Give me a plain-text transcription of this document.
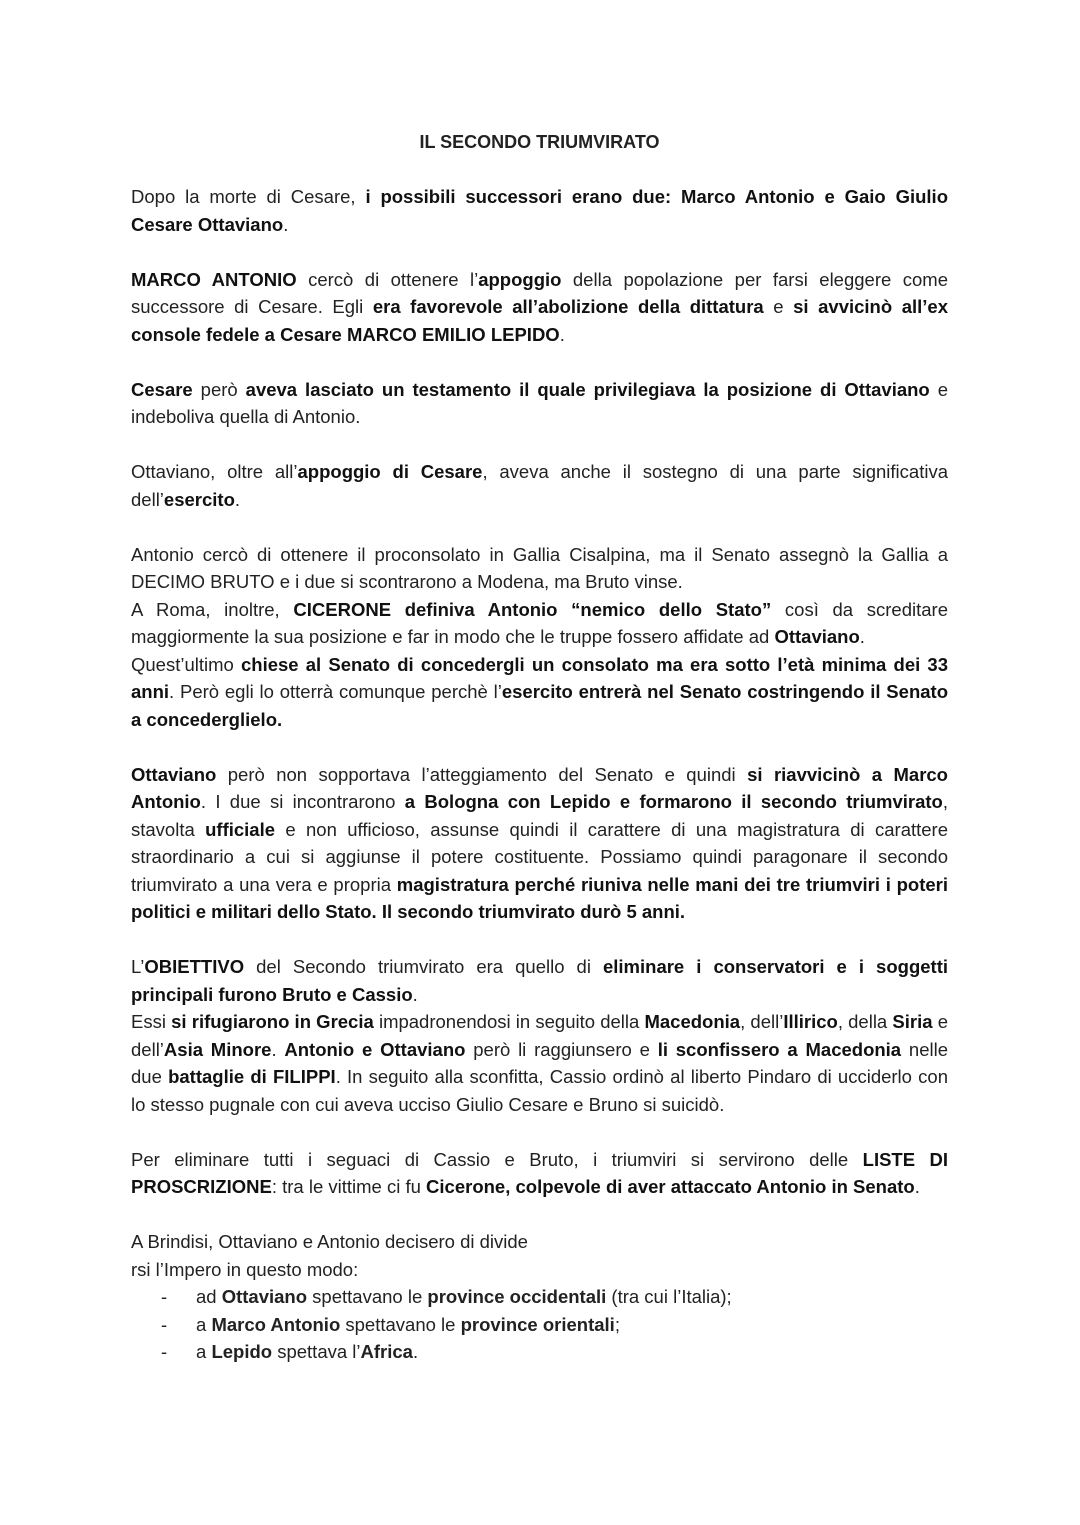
IL SECONDO TRIUMVIRATO

Dopo la morte di Cesare, i possibili successori erano due: Marco Antonio e Gaio Giulio Cesare Ottaviano.

MARCO ANTONIO cercò di ottenere l’appoggio della popolazione per farsi eleggere come successore di Cesare. Egli era favorevole all’abolizione della dittatura e si avvicinò all’ex console fedele a Cesare MARCO EMILIO LEPIDO.

Cesare però aveva lasciato un testamento il quale privilegiava la posizione di Ottaviano e indeboliva quella di Antonio.

Ottaviano, oltre all’appoggio di Cesare, aveva anche il sostegno di una parte significativa dell’esercito.

Antonio cercò di ottenere il proconsolato in Gallia Cisalpina, ma il Senato assegnò la Gallia a DECIMO BRUTO e i due si scontrarono a Modena, ma Bruto vinse.

A Roma, inoltre, CICERONE definiva Antonio “nemico dello Stato” così da screditare maggiormente la sua posizione e far in modo che le truppe fossero affidate ad Ottaviano.

Quest’ultimo chiese al Senato di concedergli un consolato ma era sotto l’età minima dei 33 anni. Però egli lo otterrà comunque perchè l’esercito entrerà nel Senato costringendo il Senato a concederglielo.

Ottaviano però non sopportava l’atteggiamento del Senato e quindi si riavvicinò a Marco Antonio. I due si incontrarono a Bologna con Lepido e formarono il secondo triumvirato, stavolta ufficiale e non ufficioso, assunse quindi il carattere di una magistratura di carattere straordinario a cui si aggiunse il potere costituente. Possiamo quindi paragonare il secondo triumvirato a una vera e propria magistratura perché riuniva nelle mani dei tre triumviri i poteri politici e militari dello Stato. Il secondo triumvirato durò 5 anni.

L’OBIETTIVO del Secondo triumvirato era quello di eliminare i conservatori e i soggetti principali furono Bruto e Cassio.

Essi si rifugiarono in Grecia impadronendosi in seguito della Macedonia, dell’Illirico, della Siria e dell’Asia Minore. Antonio e Ottaviano però li raggiunsero e li sconfissero a Macedonia nelle due battaglie di FILIPPI. In seguito alla sconfitta, Cassio ordinò al liberto Pindaro di ucciderlo con lo stesso pugnale con cui aveva ucciso Giulio Cesare e Bruno si suicidò.

Per eliminare tutti i seguaci di Cassio e Bruto, i triumviri si servirono delle LISTE DI PROSCRIZIONE: tra le vittime ci fu Cicerone, colpevole di aver attaccato Antonio in Senato.

A Brindisi, Ottaviano e Antonio decisero di divide

rsi l’Impero in questo modo:

- ad Ottaviano spettavano le province occidentali (tra cui l’Italia);
- a Marco Antonio spettavano le province orientali;
- a Lepido spettava l’Africa.
